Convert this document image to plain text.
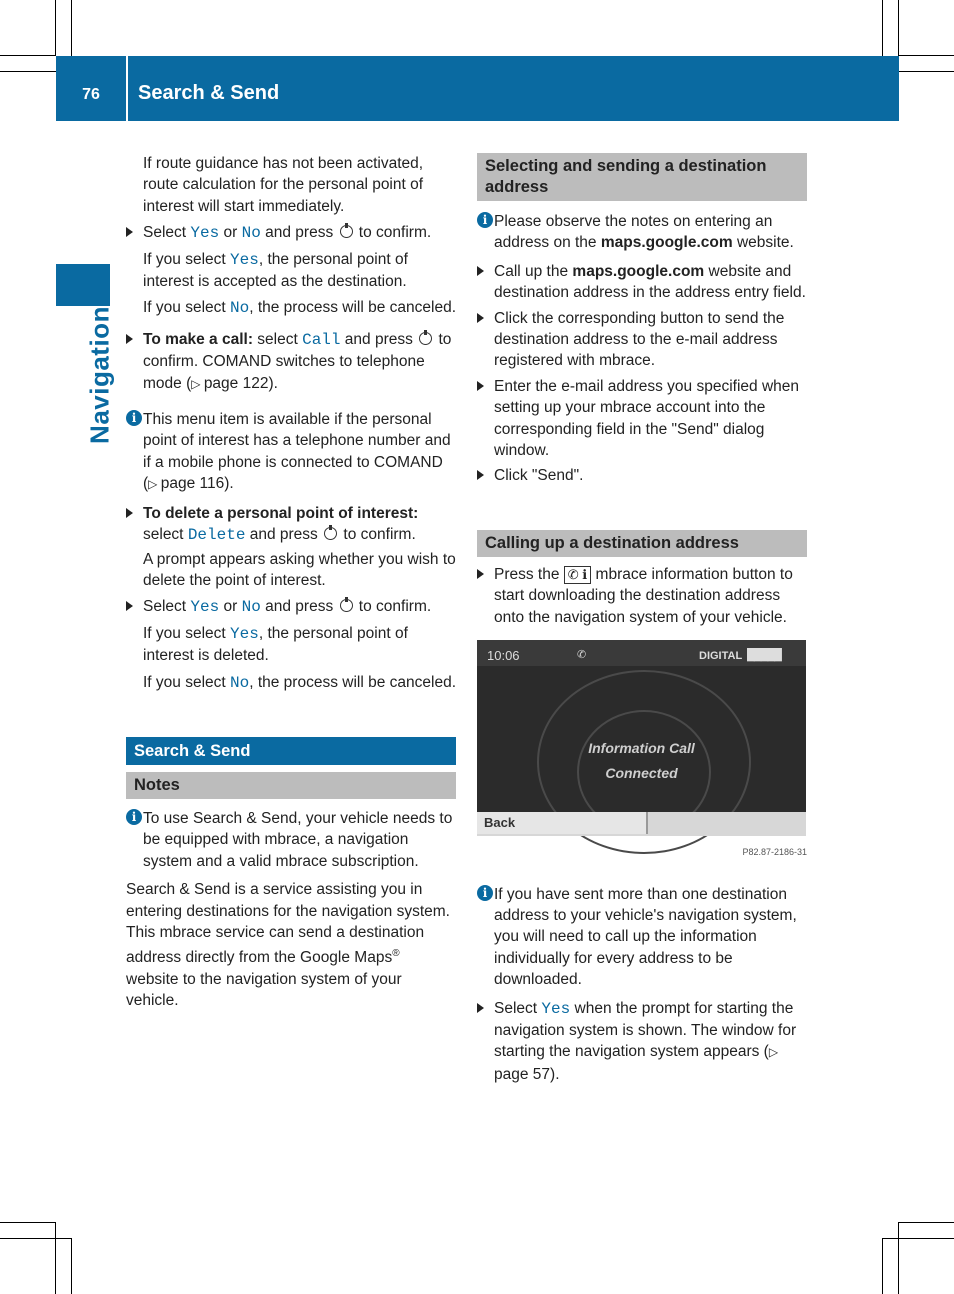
76	Search & Send
Navigation

If route guidance has not been activated, route calculation for the personal point of interest will start immediately.

Select Yes or No and press  to confirm.

If you select Yes, the personal point of interest is accepted as the destination.

If you select No, the process will be canceled.

To make a call: select Call and press  to confirm. COMAND switches to telephone mode (▷ page 122).
i This menu item is available if the personal point of interest has a telephone number and if a mobile phone is connected to COMAND (▷ page 116).
To delete a personal point of interest:
select Delete and press  to confirm.

A prompt appears asking whether you wish to delete the point of interest.

Select Yes or No and press  to confirm.

If you select Yes, the personal point of interest is deleted.

If you select No, the process will be canceled.

Search & Send
Notes
i To use Search & Send, your vehicle needs to be equipped with mbrace, a navigation system and a valid mbrace subscription.

Search & Send is a service assisting you in entering destinations for the navigation system. This mbrace service can send a destination address directly from the Google Maps® website to the navigation system of your vehicle.

Selecting and sending a destination address
i Please observe the notes on entering an address on the maps.google.com website.
Call up the maps.google.com website and destination address in the address entry field.
Click the corresponding button to send the destination address to the e-mail address registered with mbrace.
Enter the e-mail address you specified when setting up your mbrace account into the corresponding field in the "Send" dialog window.
Click "Send".
Calling up a destination address
Press the ✆ ℹ mbrace information button to start downloading the destination address onto the navigation system of your vehicle.
10:06	✆	DIGITAL █████
Information Call
Connected
Back
P82.87-2186-31
i If you have sent more than one destination address to your vehicle's navigation system, you will need to call up the information individually for every address to be downloaded.
Select Yes when the prompt for starting the navigation system is shown. The window for starting the navigation system appears (▷ page 57).
